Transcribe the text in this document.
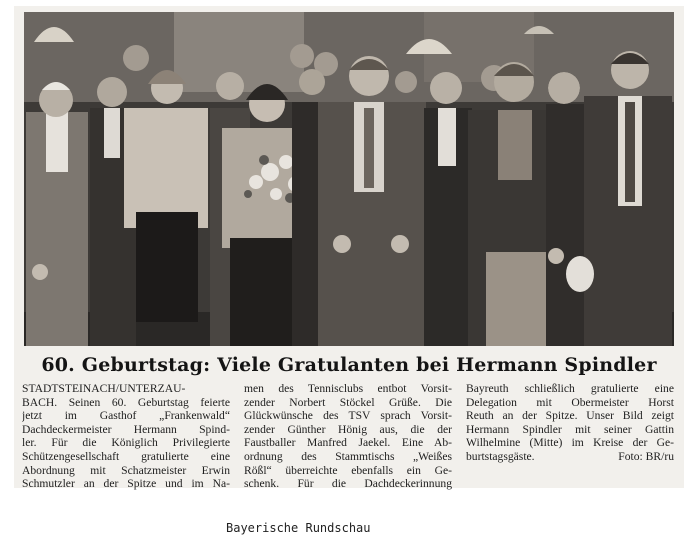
60. Geburtstag: Viele Gratulanten bei Hermann Spindler
STADTSTEINACH/UNTERZAU-
BACH. Seinen 60. Geburtstag feierte
jetzt im Gasthof „Frankenwald“
Dachdeckermeister Hermann Spind-
ler. Für die Königlich Privilegierte
Schützengesellschaft gratulierte eine
Abordnung mit Schatzmeister Erwin
Schmutzler an der Spitze und im Na-
men des Tennisclubs entbot Vorsit-
zender Norbert Stöckel Grüße. Die
Glückwünsche des TSV sprach Vorsit-
zender Günther Hönig aus, die der
Faustballer Manfred Jaekel. Eine Ab-
ordnung des Stammtischs „Weißes
Rößl“ überreichte ebenfalls ein Ge-
schenk. Für die Dachdeckerinnung
Bayreuth schließlich gratulierte eine
Delegation mit Obermeister Horst
Reuth an der Spitze. Unser Bild zeigt
Hermann Spindler mit seiner Gattin
Wilhelmine (Mitte) im Kreise der Ge-
burtstagsgäste.	Foto: BR/ru
Bayerische Rundschau
